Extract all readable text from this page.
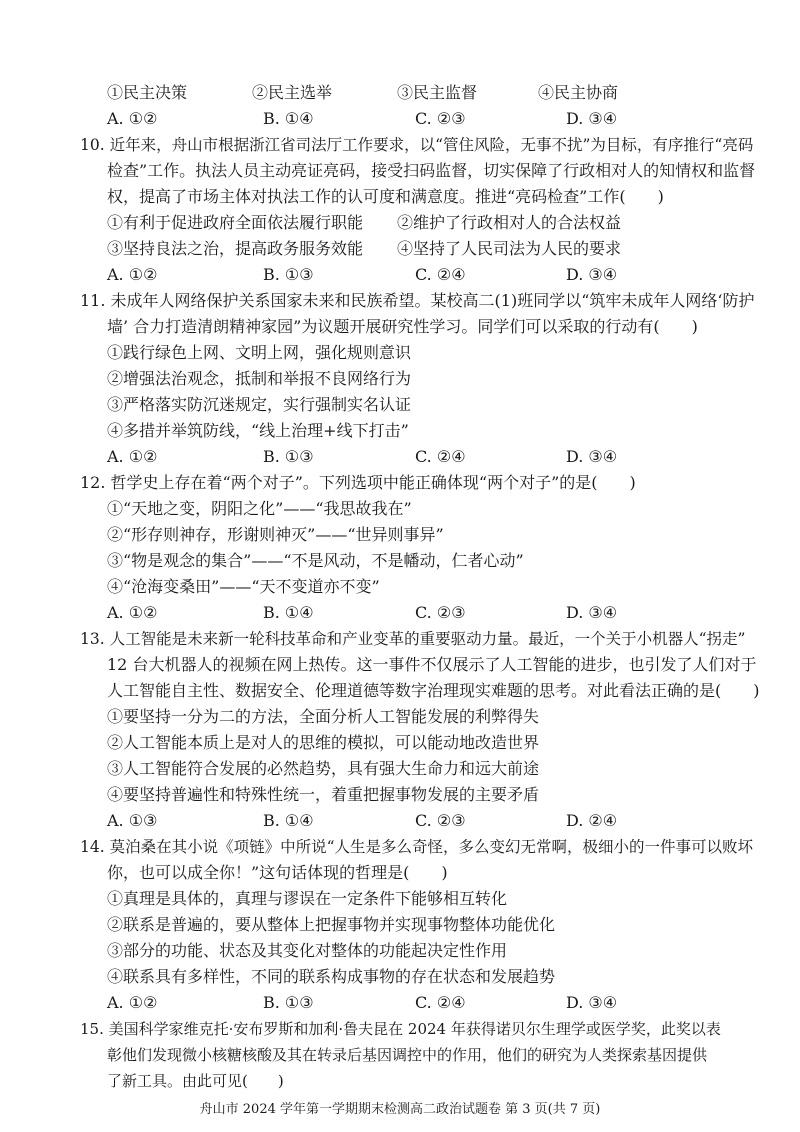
①民主决策	②民主选举	③民主监督	④民主协商
A. ①②	B. ①④	C. ②③	D. ③④
10. 近年来，舟山市根据浙江省司法厅工作要求，以“管住风险，无事不扰”为目标，有序推行“亮码
检查”工作。执法人员主动亮证亮码，接受扫码监督，切实保障了行政相对人的知情权和监督
权，提高了市场主体对执法工作的认可度和满意度。推进“亮码检查”工作(　　)
①有利于促进政府全面依法履行职能 ②维护了行政相对人的合法权益
③坚持良法之治，提高政务服务效能 ④坚持了人民司法为人民的要求
A. ①②	B. ①③	C. ②④	D. ③④
11. 未成年人网络保护关系国家未来和民族希望。某校高二(1)班同学以“筑牢未成年人网络‘防护
墙’ 合力打造清朗精神家园”为议题开展研究性学习。同学们可以采取的行动有(　　)
①践行绿色上网、文明上网，强化规则意识
②增强法治观念，抵制和举报不良网络行为
③严格落实防沉迷规定，实行强制实名认证
④多措并举筑防线，“线上治理+线下打击”
A. ①②	B. ①③	C. ②④	D. ③④
12. 哲学史上存在着“两个对子”。下列选项中能正确体现“两个对子”的是(　　)
①“天地之变，阴阳之化”——“我思故我在”
②“形存则神存，形谢则神灭”——“世异则事异”
③“物是观念的集合”——“不是风动，不是幡动，仁者心动”
④“沧海变桑田”——“天不变道亦不变”
A. ①②	B. ①④	C. ②③	D. ③④
13. 人工智能是未来新一轮科技革命和产业变革的重要驱动力量。最近，一个关于小机器人“拐走”
12 台大机器人的视频在网上热传。这一事件不仅展示了人工智能的进步，也引发了人们对于
人工智能自主性、数据安全、伦理道德等数字治理现实难题的思考。对此看法正确的是(　　)
①要坚持一分为二的方法，全面分析人工智能发展的利弊得失
②人工智能本质上是对人的思维的模拟，可以能动地改造世界
③人工智能符合发展的必然趋势，具有强大生命力和远大前途
④要坚持普遍性和特殊性统一，着重把握事物发展的主要矛盾
A. ①③	B. ①④	C. ②③	D. ②④
14. 莫泊桑在其小说《项链》中所说“人生是多么奇怪，多么变幻无常啊，极细小的一件事可以败坏
你，也可以成全你！”这句话体现的哲理是(　　)
①真理是具体的，真理与谬误在一定条件下能够相互转化
②联系是普遍的，要从整体上把握事物并实现事物整体功能优化
③部分的功能、状态及其变化对整体的功能起决定性作用
④联系具有多样性，不同的联系构成事物的存在状态和发展趋势
A. ①②	B. ①③	C. ②④	D. ③④
15. 美国科学家维克托·安布罗斯和加利·鲁夫昆在 2024 年获得诺贝尔生理学或医学奖，此奖以表
彰他们发现微小核糖核酸及其在转录后基因调控中的作用，他们的研究为人类探索基因提供
了新工具。由此可见(　　)
舟山市 2024 学年第一学期期末检测高二政治试题卷 第 3 页(共 7 页)
